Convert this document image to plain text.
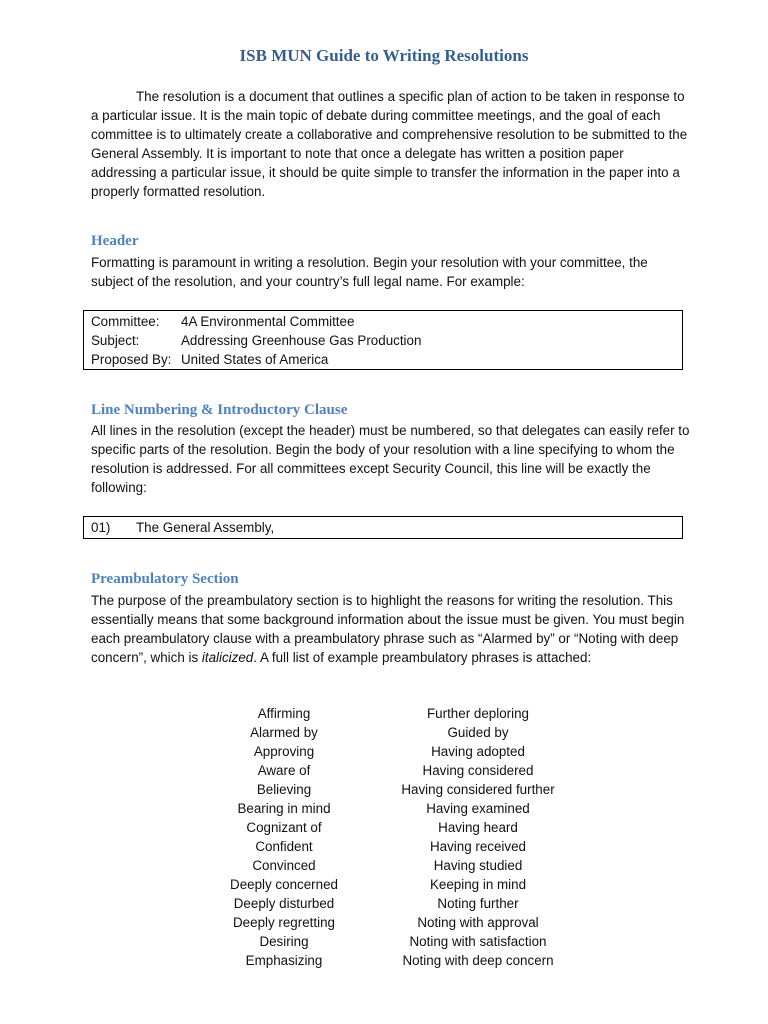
ISB MUN Guide to Writing Resolutions

The resolution is a document that outlines a specific plan of action to be taken in response to a particular issue. It is the main topic of debate during committee meetings, and the goal of each committee is to ultimately create a collaborative and comprehensive resolution to be submitted to the General Assembly. It is important to note that once a delegate has written a position paper addressing a particular issue, it should be quite simple to transfer the information in the paper into a properly formatted resolution.

Header

Formatting is paramount in writing a resolution. Begin your resolution with your committee, the subject of the resolution, and your country’s full legal name. For example:

Committee:	4A Environmental Committee
Subject:	Addressing Greenhouse Gas Production
Proposed By: United States of America
Line Numbering & Introductory Clause

All lines in the resolution (except the header) must be numbered, so that delegates can easily refer to specific parts of the resolution. Begin the body of your resolution with a line specifying to whom the resolution is addressed. For all committees except Security Council, this line will be exactly the following:

01)	The General Assembly,
Preambulatory Section

The purpose of the preambulatory section is to highlight the reasons for writing the resolution. This essentially means that some background information about the issue must be given. You must begin each preambulatory clause with a preambulatory phrase such as “Alarmed by” or “Noting with deep concern”, which is italicized. A full list of example preambulatory phrases is attached:

Affirming
Alarmed by
Approving
Aware of
Believing
Bearing in mind
Cognizant of
Confident
Convinced
Deeply concerned
Deeply disturbed
Deeply regretting
Desiring
Emphasizing
Further deploring
Guided by
Having adopted
Having considered
Having considered further
Having examined
Having heard
Having received
Having studied
Keeping in mind
Noting further
Noting with approval
Noting with satisfaction
Noting with deep concern
